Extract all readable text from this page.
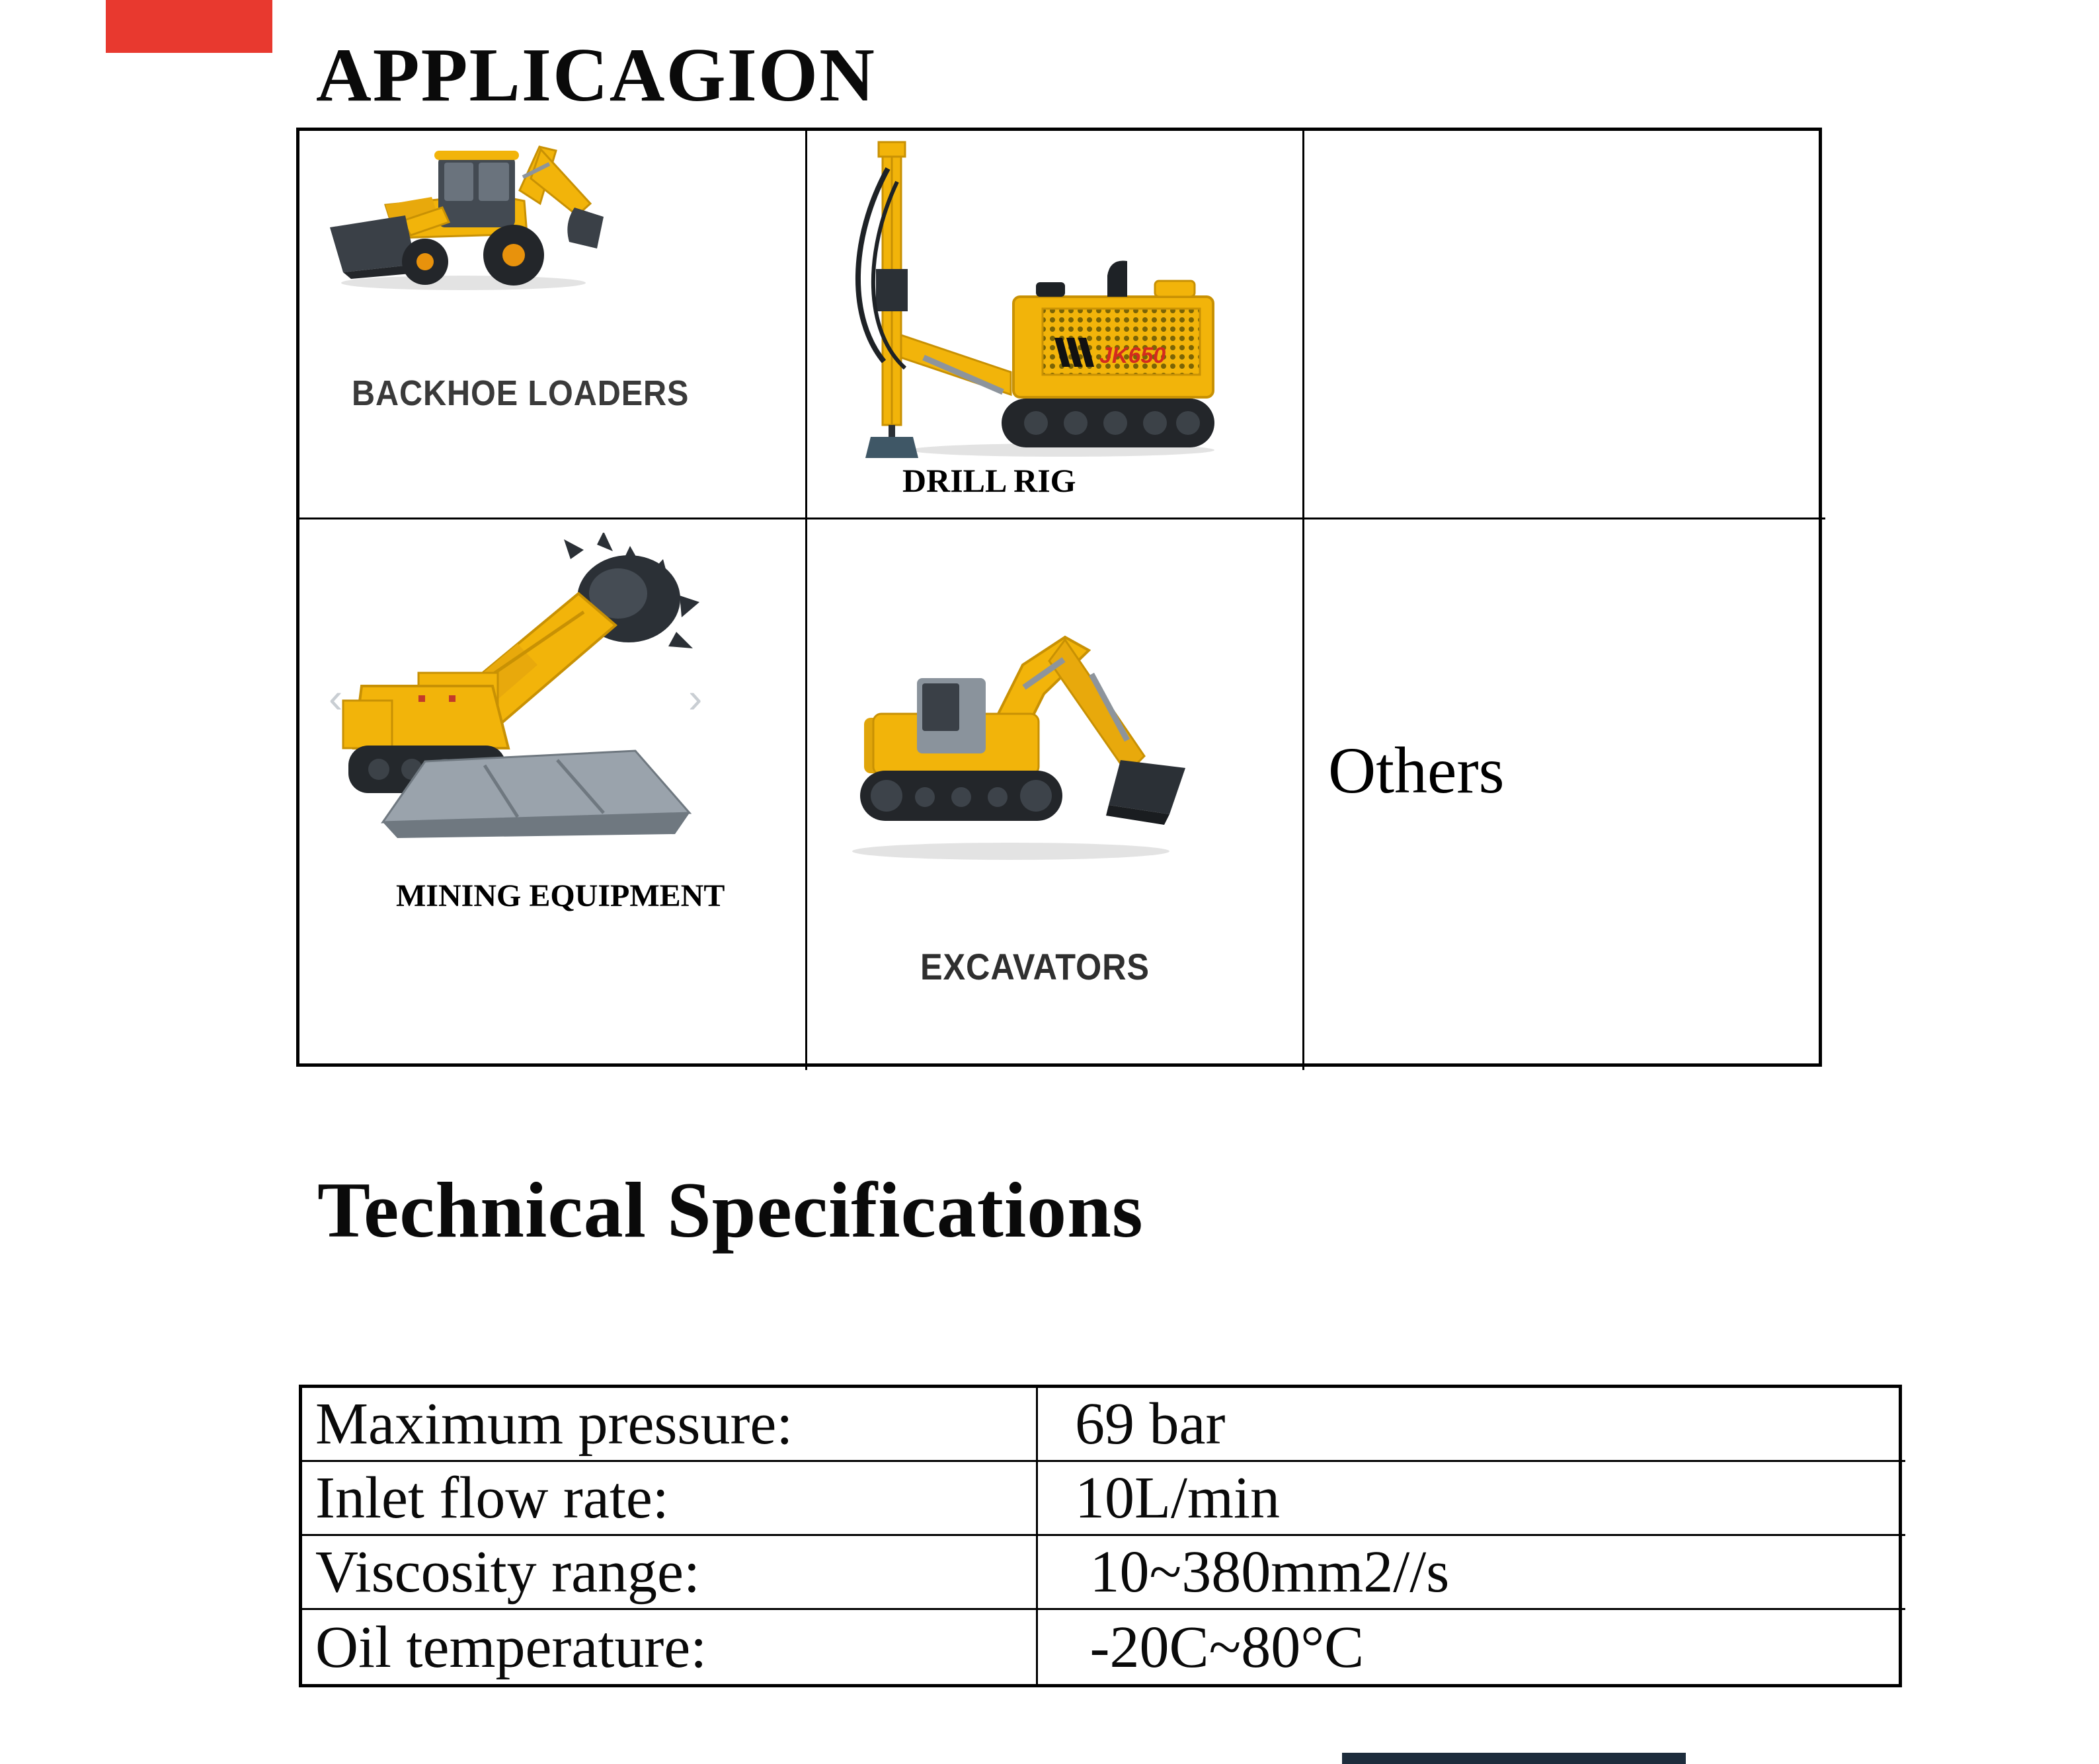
APPLICAGION
BACKHOE LOADERS
JK650
DRILL RIG
‹	›
MINING EQUIPMENT
EXCAVATORS
Others
Technical Specifications
Maximum pressure:	69 bar
Inlet flow rate:	10L/min
Viscosity range:	10~380mm2//s
Oil temperature:	-20C~80°C
